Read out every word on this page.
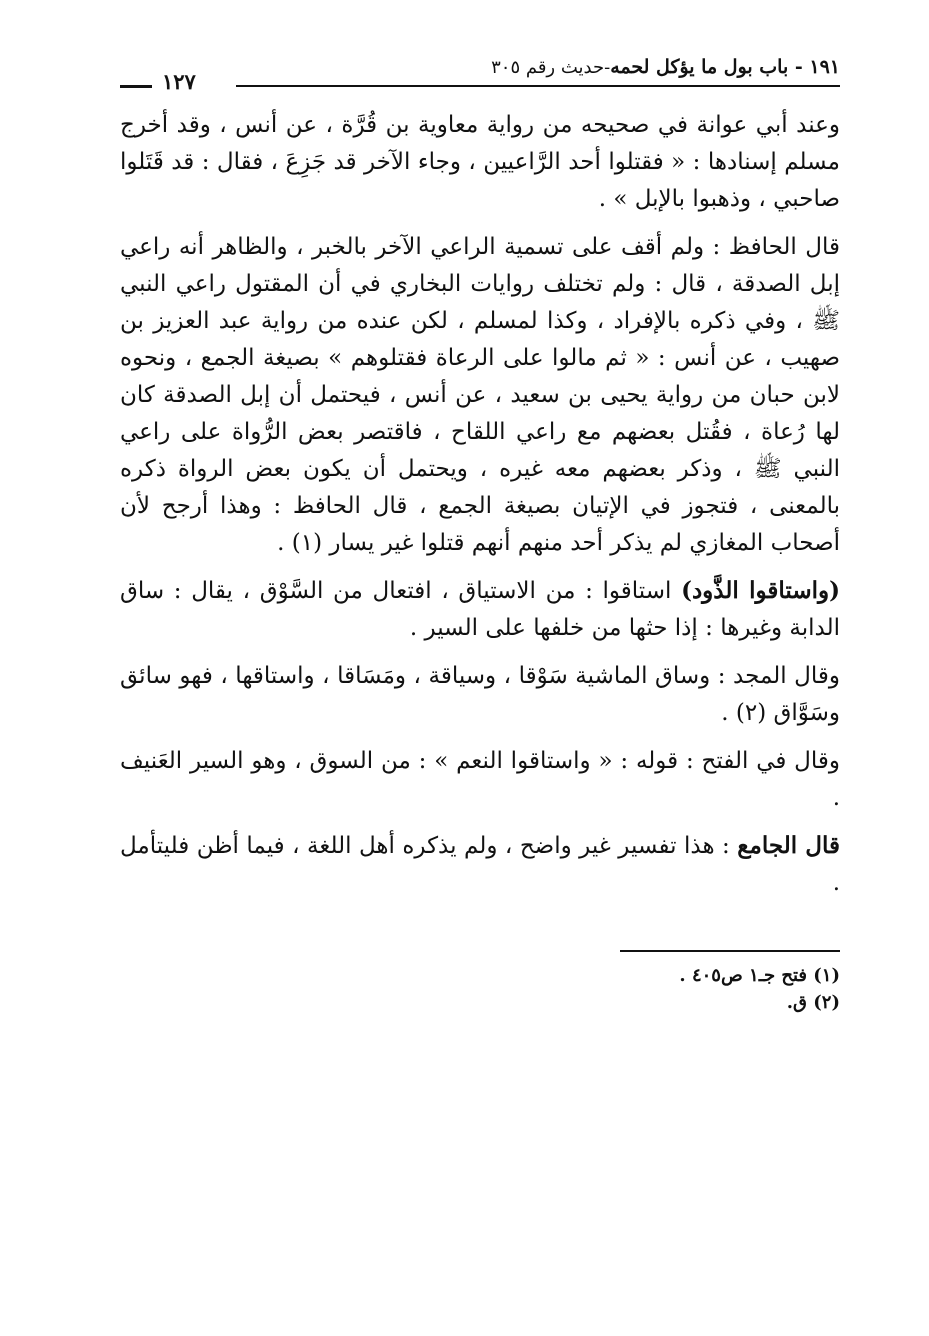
١٩١ - باب بول ما يؤكل لحمه-حديث رقم ٣٠٥
١٢٧

وعند أبي عوانة في صحيحه من رواية معاوية بن قُرَّة ، عن أنس ، وقد أخرج مسلم إسنادها : « فقتلوا أحد الرَّاعيين ، وجاء الآخر قد جَزِعَ ، فقال : قد قَتَلوا صاحبي ، وذهبوا بالإبل » .

قال الحافظ : ولم أقف على تسمية الراعي الآخر بالخبر ، والظاهر أنه راعي إبل الصدقة ، قال : ولم تختلف روايات البخاري في أن المقتول راعي النبي ﷺ ، وفي ذكره بالإفراد ، وكذا لمسلم ، لكن عنده من رواية عبد العزيز بن صهيب ، عن أنس : « ثم مالوا على الرعاة فقتلوهم » بصيغة الجمع ، ونحوه لابن حبان من رواية يحيى بن سعيد ، عن أنس ، فيحتمل أن إبل الصدقة كان لها رُعاة ، فقُتل بعضهم مع راعي اللقاح ، فاقتصر بعض الرُّواة على راعي النبي ﷺ ، وذكر بعضهم معه غيره ، ويحتمل أن يكون بعض الرواة ذكره بالمعنى ، فتجوز في الإتيان بصيغة الجمع ، قال الحافظ : وهذا أرجح لأن أصحاب المغازي لم يذكر أحد منهم أنهم قتلوا غير يسار (١) .

(واستاقوا الذَّود) استاقوا : من الاستياق ، افتعال من السَّوْق ، يقال : ساق الدابة وغيرها : إذا حثها من خلفها على السير .

وقال المجد : وساق الماشية سَوْقا ، وسياقة ، ومَسَاقا ، واستاقها ، فهو سائق وسَوَّاق (٢) .

وقال في الفتح : قوله : « واستاقوا النعم » : من السوق ، وهو السير العَنيف .

قال الجامع : هذا تفسير غير واضح ، ولم يذكره أهل اللغة ، فيما أظن فليتأمل .

(١) فتح جـ١ ص٤٠٥ .

(٢) ق.
